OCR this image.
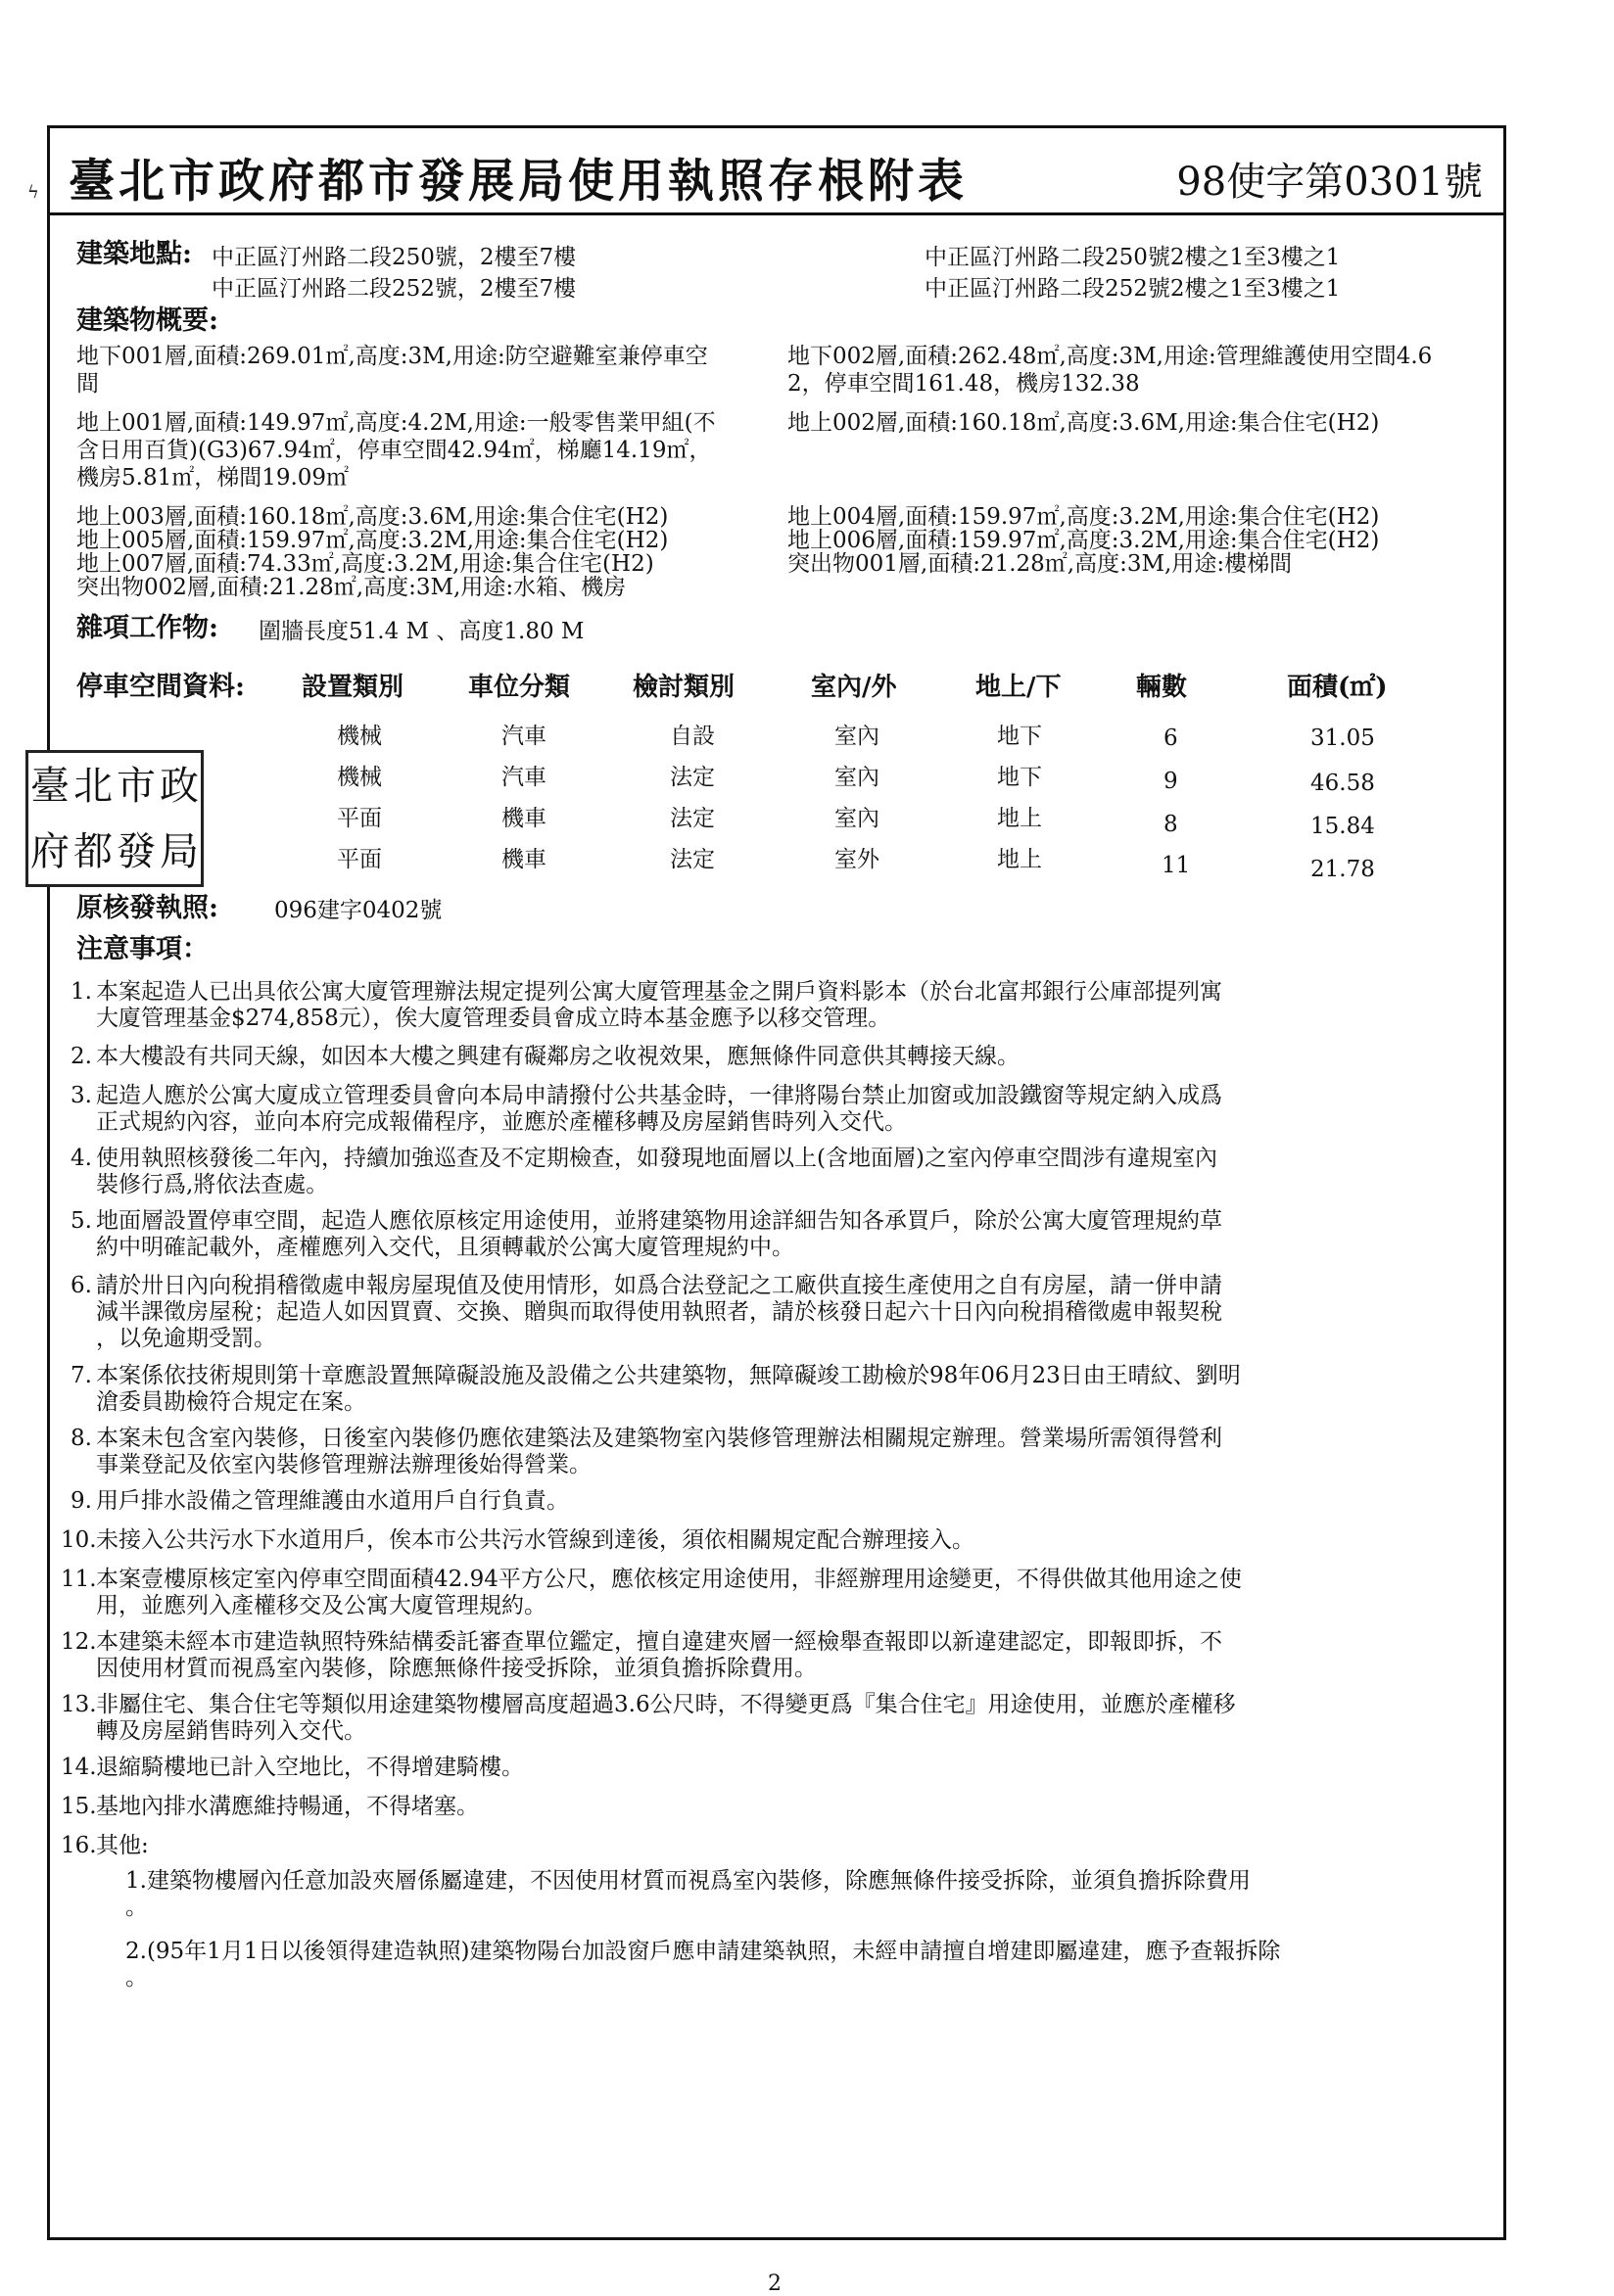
臺北市政府都市發展局使用執照存根附表	98使字第0301號
ϟ
建築地點: 中正區汀州路二段250號，2樓至7樓
中正區汀州路二段252號，2樓至7樓
中正區汀州路二段250號2樓之1至3樓之1
中正區汀州路二段252號2樓之1至3樓之1
建築物概要:
地下001層,面積:269.01㎡,高度:3M,用途:防空避難室兼停車空
間
地下002層,面積:262.48㎡,高度:3M,用途:管理維護使用空間4.6
2，停車空間161.48，機房132.38
地上001層,面積:149.97㎡,高度:4.2M,用途:一般零售業甲組(不
含日用百貨)(G3)67.94㎡，停車空間42.94㎡，梯廳14.19㎡，
機房5.81㎡，梯間19.09㎡
地上002層,面積:160.18㎡,高度:3.6M,用途:集合住宅(H2)
地上003層,面積:160.18㎡,高度:3.6M,用途:集合住宅(H2)	地上004層,面積:159.97㎡,高度:3.2M,用途:集合住宅(H2)
地上005層,面積:159.97㎡,高度:3.2M,用途:集合住宅(H2)	地上006層,面積:159.97㎡,高度:3.2M,用途:集合住宅(H2)
地上007層,面積:74.33㎡,高度:3.2M,用途:集合住宅(H2)	突出物001層,面積:21.28㎡,高度:3M,用途:樓梯間
突出物002層,面積:21.28㎡,高度:3M,用途:水箱、機房
雜項工作物: 圍牆長度51.4 M 、高度1.80 M
停車空間資料: 設置類別	車位分類 檢討類別	室內/外	地上/下	輛數	面積(㎡)
機械	汽車	自設	室內	地下	6	31.05
機械	汽車	法定	室內	地下	9	46.58
平面	機車	法定	室內	地上	8	15.84
平面	機車	法定	室外	地上	11	21.78
臺 北 市 政
府 都 發 局
原核發執照: 096建字0402號
注意事項：
1. 本案起造人已出具依公寓大廈管理辦法規定提列公寓大廈管理基金之開戶資料影本（於台北富邦銀行公庫部提列寓
大廈管理基金$274,858元），俟大廈管理委員會成立時本基金應予以移交管理。
2. 本大樓設有共同天線，如因本大樓之興建有礙鄰房之收視效果，應無條件同意供其轉接天線。
3. 起造人應於公寓大廈成立管理委員會向本局申請撥付公共基金時，一律將陽台禁止加窗或加設鐵窗等規定納入成爲
正式規約內容，並向本府完成報備程序，並應於產權移轉及房屋銷售時列入交代。
4. 使用執照核發後二年內，持續加強巡查及不定期檢查，如發現地面層以上(含地面層)之室內停車空間涉有違規室內
裝修行爲,將依法查處。
5. 地面層設置停車空間，起造人應依原核定用途使用，並將建築物用途詳細告知各承買戶，除於公寓大廈管理規約草
約中明確記載外，產權應列入交代，且須轉載於公寓大廈管理規約中。
6. 請於卅日內向稅捐稽徵處申報房屋現值及使用情形，如爲合法登記之工廠供直接生產使用之自有房屋，請一併申請
減半課徵房屋稅；起造人如因買賣、交換、贈與而取得使用執照者，請於核發日起六十日內向稅捐稽徵處申報契稅
，以免逾期受罰。
7. 本案係依技術規則第十章應設置無障礙設施及設備之公共建築物，無障礙竣工勘檢於98年06月23日由王晴紋、劉明
滄委員勘檢符合規定在案。
8. 本案未包含室內裝修，日後室內裝修仍應依建築法及建築物室內裝修管理辦法相關規定辦理。營業場所需領得營利
事業登記及依室內裝修管理辦法辦理後始得營業。
9. 用戶排水設備之管理維護由水道用戶自行負責。
10. 未接入公共污水下水道用戶，俟本市公共污水管線到達後，須依相關規定配合辦理接入。
11. 本案壹樓原核定室內停車空間面積42.94平方公尺，應依核定用途使用，非經辦理用途變更，不得供做其他用途之使
用，並應列入產權移交及公寓大廈管理規約。
12. 本建築未經本市建造執照特殊結構委託審查單位鑑定，擅自違建夾層一經檢舉查報即以新違建認定，即報即拆，不
因使用材質而視爲室內裝修，除應無條件接受拆除，並須負擔拆除費用。
13. 非屬住宅、集合住宅等類似用途建築物樓層高度超過3.6公尺時，不得變更爲『集合住宅』用途使用，並應於產權移
轉及房屋銷售時列入交代。
14. 退縮騎樓地已計入空地比，不得增建騎樓。
15. 基地內排水溝應維持暢通，不得堵塞。
16. 其他:
1.建築物樓層內任意加設夾層係屬違建，不因使用材質而視爲室內裝修，除應無條件接受拆除，並須負擔拆除費用
。
2.(95年1月1日以後領得建造執照)建築物陽台加設窗戶應申請建築執照，未經申請擅自增建即屬違建，應予查報拆除
。
2
